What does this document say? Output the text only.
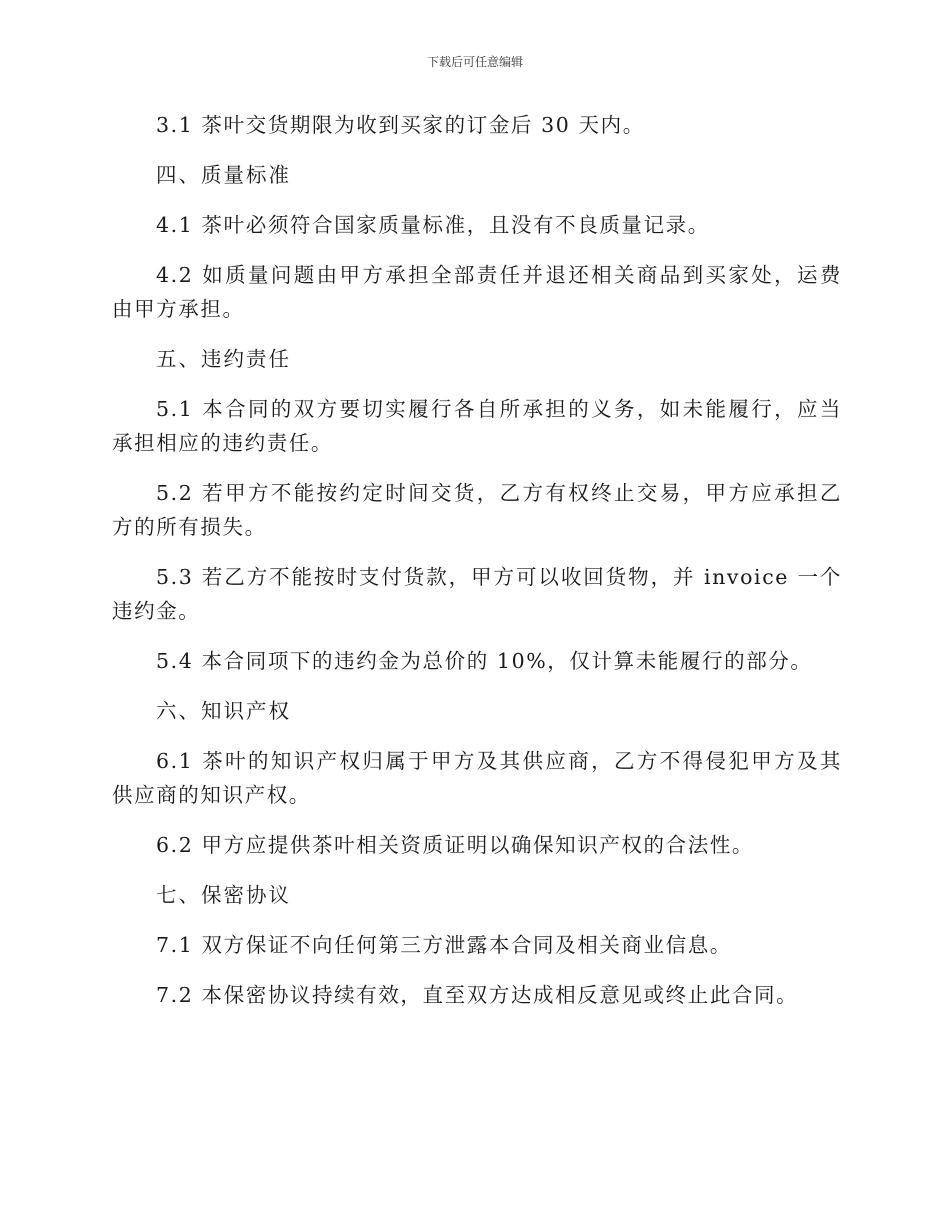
下载后可任意编辑

3.1 茶叶交货期限为收到买家的订金后 30 天内。

四、质量标准

4.1 茶叶必须符合国家质量标准，且没有不良质量记录。

4.2 如质量问题由甲方承担全部责任并退还相关商品到买家处，运费由甲方承担。

五、违约责任

5.1 本合同的双方要切实履行各自所承担的义务，如未能履行，应当承担相应的违约责任。

5.2 若甲方不能按约定时间交货，乙方有权终止交易，甲方应承担乙方的所有损失。

5.3 若乙方不能按时支付货款，甲方可以收回货物，并 invoice 一个违约金。

5.4 本合同项下的违约金为总价的 10%，仅计算未能履行的部分。

六、知识产权

6.1 茶叶的知识产权归属于甲方及其供应商，乙方不得侵犯甲方及其供应商的知识产权。

6.2 甲方应提供茶叶相关资质证明以确保知识产权的合法性。

七、保密协议

7.1 双方保证不向任何第三方泄露本合同及相关商业信息。

7.2 本保密协议持续有效，直至双方达成相反意见或终止此合同。
